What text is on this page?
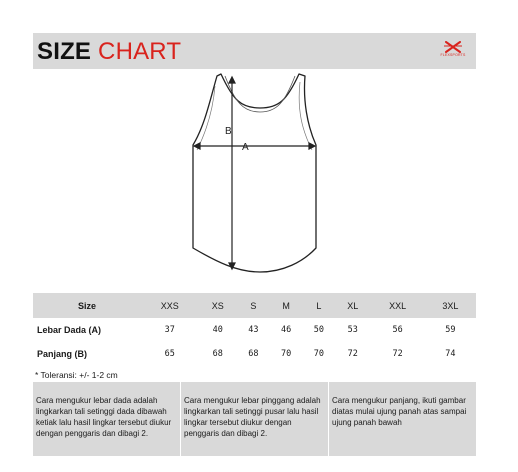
SIZE CHART	FLEXSPORTS
A
B
Size	XXS	XS	S	M	L	XL	XXL	3XL
Lebar Dada (A)	37	40	43	46	50	53	56	59
Panjang (B)	65	68	68	70	70	72	72	74
* Toleransi: +/- 1-2 cm
Cara mengukur lebar dada adalah lingkarkan tali setinggi dada dibawah ketiak lalu hasil lingkar tersebut diukur dengan penggaris dan dibagi 2.
Cara mengukur lebar pinggang adalah lingkarkan tali setinggi pusar lalu hasil lingkar tersebut diukur dengan penggaris dan dibagi 2.
Cara mengukur panjang, ikuti gambar diatas mulai ujung panah atas sampai ujung panah bawah
